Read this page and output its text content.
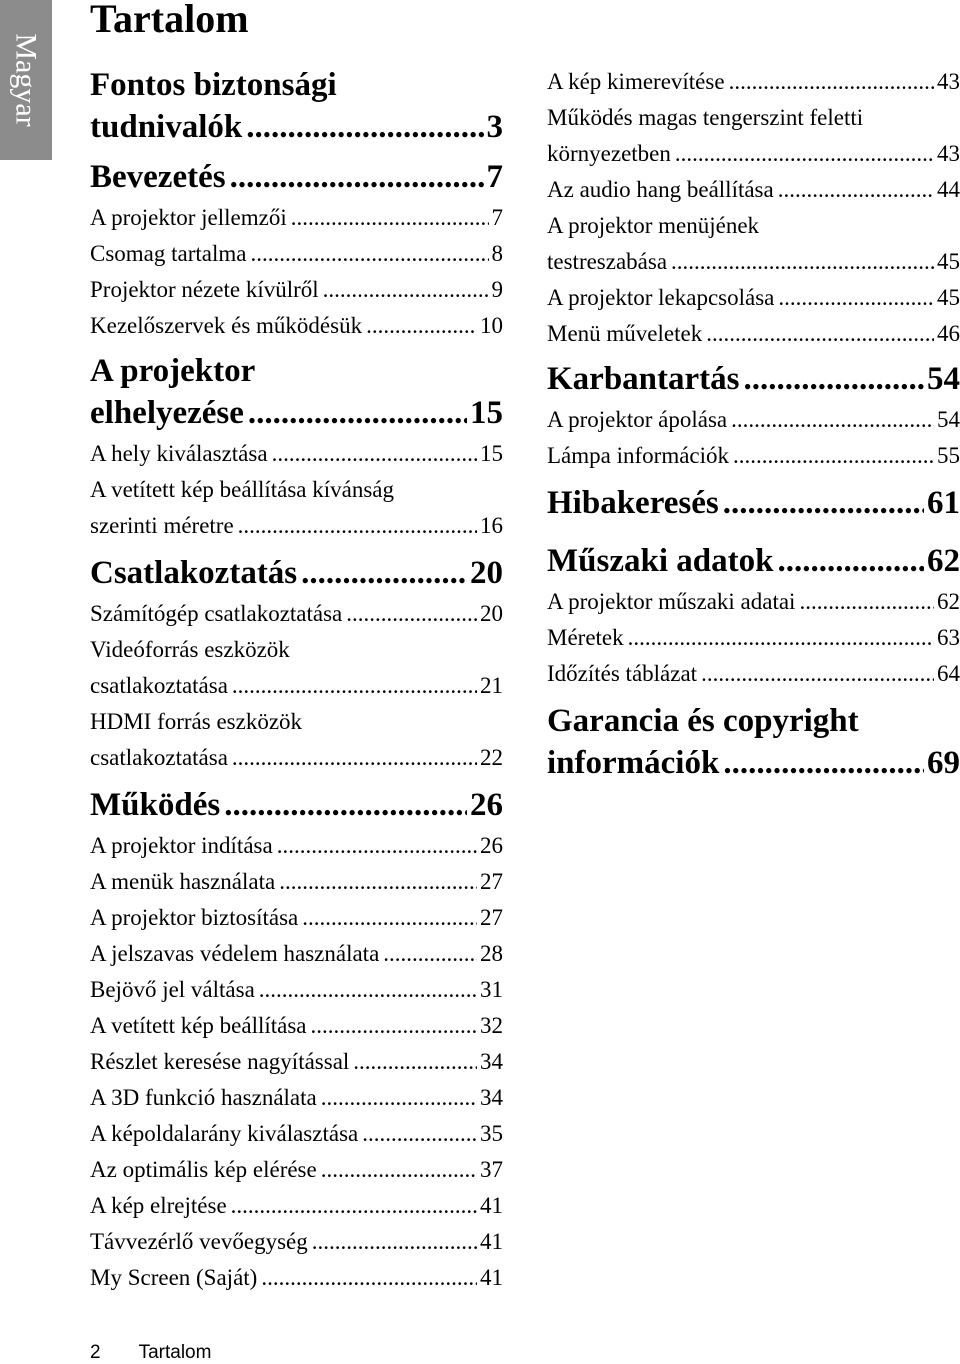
Magyar
Tartalom
Fontos biztonsági
tudnivalók .....	3
Bevezetés .....	7
A projektor jellemzői .....	7
Csomag tartalma .....	8
Projektor nézete kívülről .....	9
Kezelőszervek és működésük .....	10
A projektor
elhelyezése .....	15
A hely kiválasztása .....	15
A vetített kép beállítása kívánság
szerinti méretre .....	16
Csatlakoztatás .....	20
Számítógép csatlakoztatása .....	20
Videóforrás eszközök
csatlakoztatása .....	21
HDMI forrás eszközök
csatlakoztatása .....	22
Működés .....	26
A projektor indítása .....	26
A menük használata .....	27
A projektor biztosítása .....	27
A jelszavas védelem használata .....	28
Bejövő jel váltása .....	31
A vetített kép beállítása .....	32
Részlet keresése nagyítással .....	34
A 3D funkció használata .....	34
A képoldalarány kiválasztása .....	35
Az optimális kép elérése .....	37
A kép elrejtése .....	41
Távvezérlő vevőegység .....	41
My Screen (Saját) .....	41
A kép kimerevítése .....	43
Működés magas tengerszint feletti
környezetben .....	43
Az audio hang beállítása .....	44
A projektor menüjének
testreszabása .....	45
A projektor lekapcsolása .....	45
Menü műveletek .....	46
Karbantartás .....	54
A projektor ápolása .....	54
Lámpa információk .....	55
Hibakeresés .....	61
Műszaki adatok .....	62
A projektor műszaki adatai .....	62
Méretek .....	63
Időzítés táblázat .....	64
Garancia és copyright
információk .....	69
2 Tartalom
